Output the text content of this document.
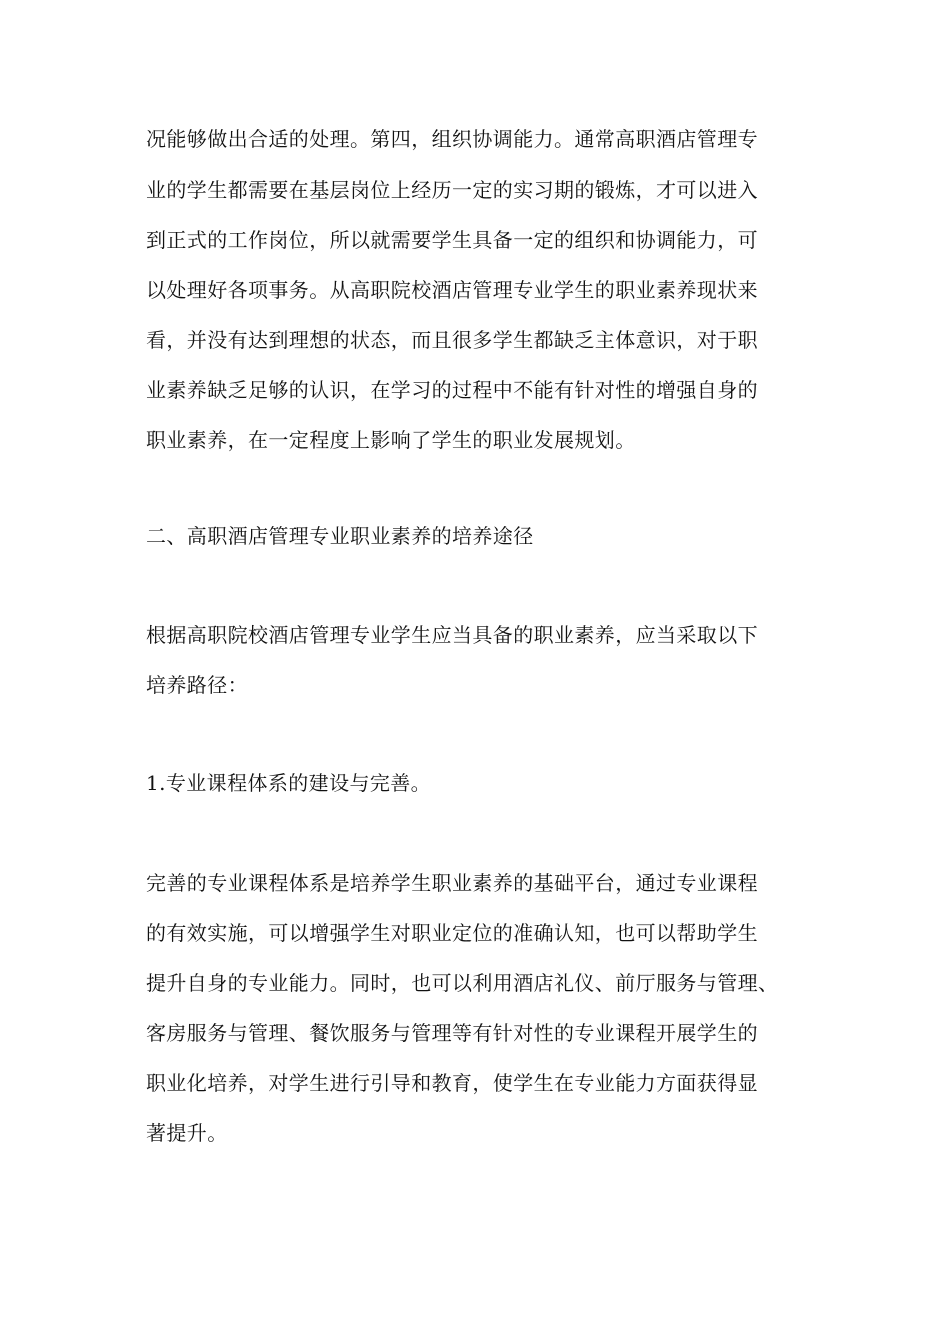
况能够做出合适的处理。第四，组织协调能力。通常高职酒店管理专
业的学生都需要在基层岗位上经历一定的实习期的锻炼，才可以进入
到正式的工作岗位，所以就需要学生具备一定的组织和协调能力，可
以处理好各项事务。从高职院校酒店管理专业学生的职业素养现状来
看，并没有达到理想的状态，而且很多学生都缺乏主体意识，对于职
业素养缺乏足够的认识，在学习的过程中不能有针对性的增强自身的
职业素养，在一定程度上影响了学生的职业发展规划。
二、高职酒店管理专业职业素养的培养途径
根据高职院校酒店管理专业学生应当具备的职业素养，应当采取以下
培养路径：
1.专业课程体系的建设与完善。
完善的专业课程体系是培养学生职业素养的基础平台，通过专业课程
的有效实施，可以增强学生对职业定位的准确认知，也可以帮助学生
提升自身的专业能力。同时，也可以利用酒店礼仪、前厅服务与管理、
客房服务与管理、餐饮服务与管理等有针对性的专业课程开展学生的
职业化培养，对学生进行引导和教育，使学生在专业能力方面获得显
著提升。
